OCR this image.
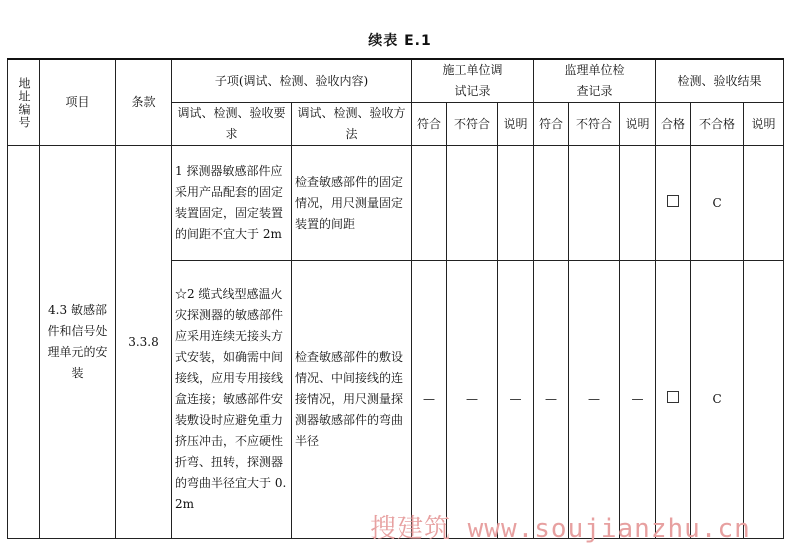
续表 E.1
地址编号	项目	条款	子项(调试、检测、验收内容)		施工单位调试记录			监理单位检查记录			检测、验收结果		
			调试、检测、验收要求	调试、检测、验收方法	符合	不符合	说明	符合	不符合	说明	合格	不合格	说明
	4.3 敏感部件和信号处理单元的安装	3.3.8	1 探测器敏感部件应采用产品配套的固定装置固定，固定装置的间距不宜大于 2m	检查敏感部件的固定情况，用尺测量固定装置的间距								C	
			☆2 缆式线型感温火灾探测器的敏感部件应采用连续无接头方式安装，如确需中间接线，应用专用接线盒连接；敏感部件安装敷设时应避免重力挤压冲击，不应硬性折弯、扭转，探测器的弯曲半径宜大于 0.2m	检查敏感部件的敷设情况、中间接线的连接情况，用尺测量探测器敏感部件的弯曲半径	—	—	—	—	—	—		C	
搜建筑 www.soujianzhu.cn
